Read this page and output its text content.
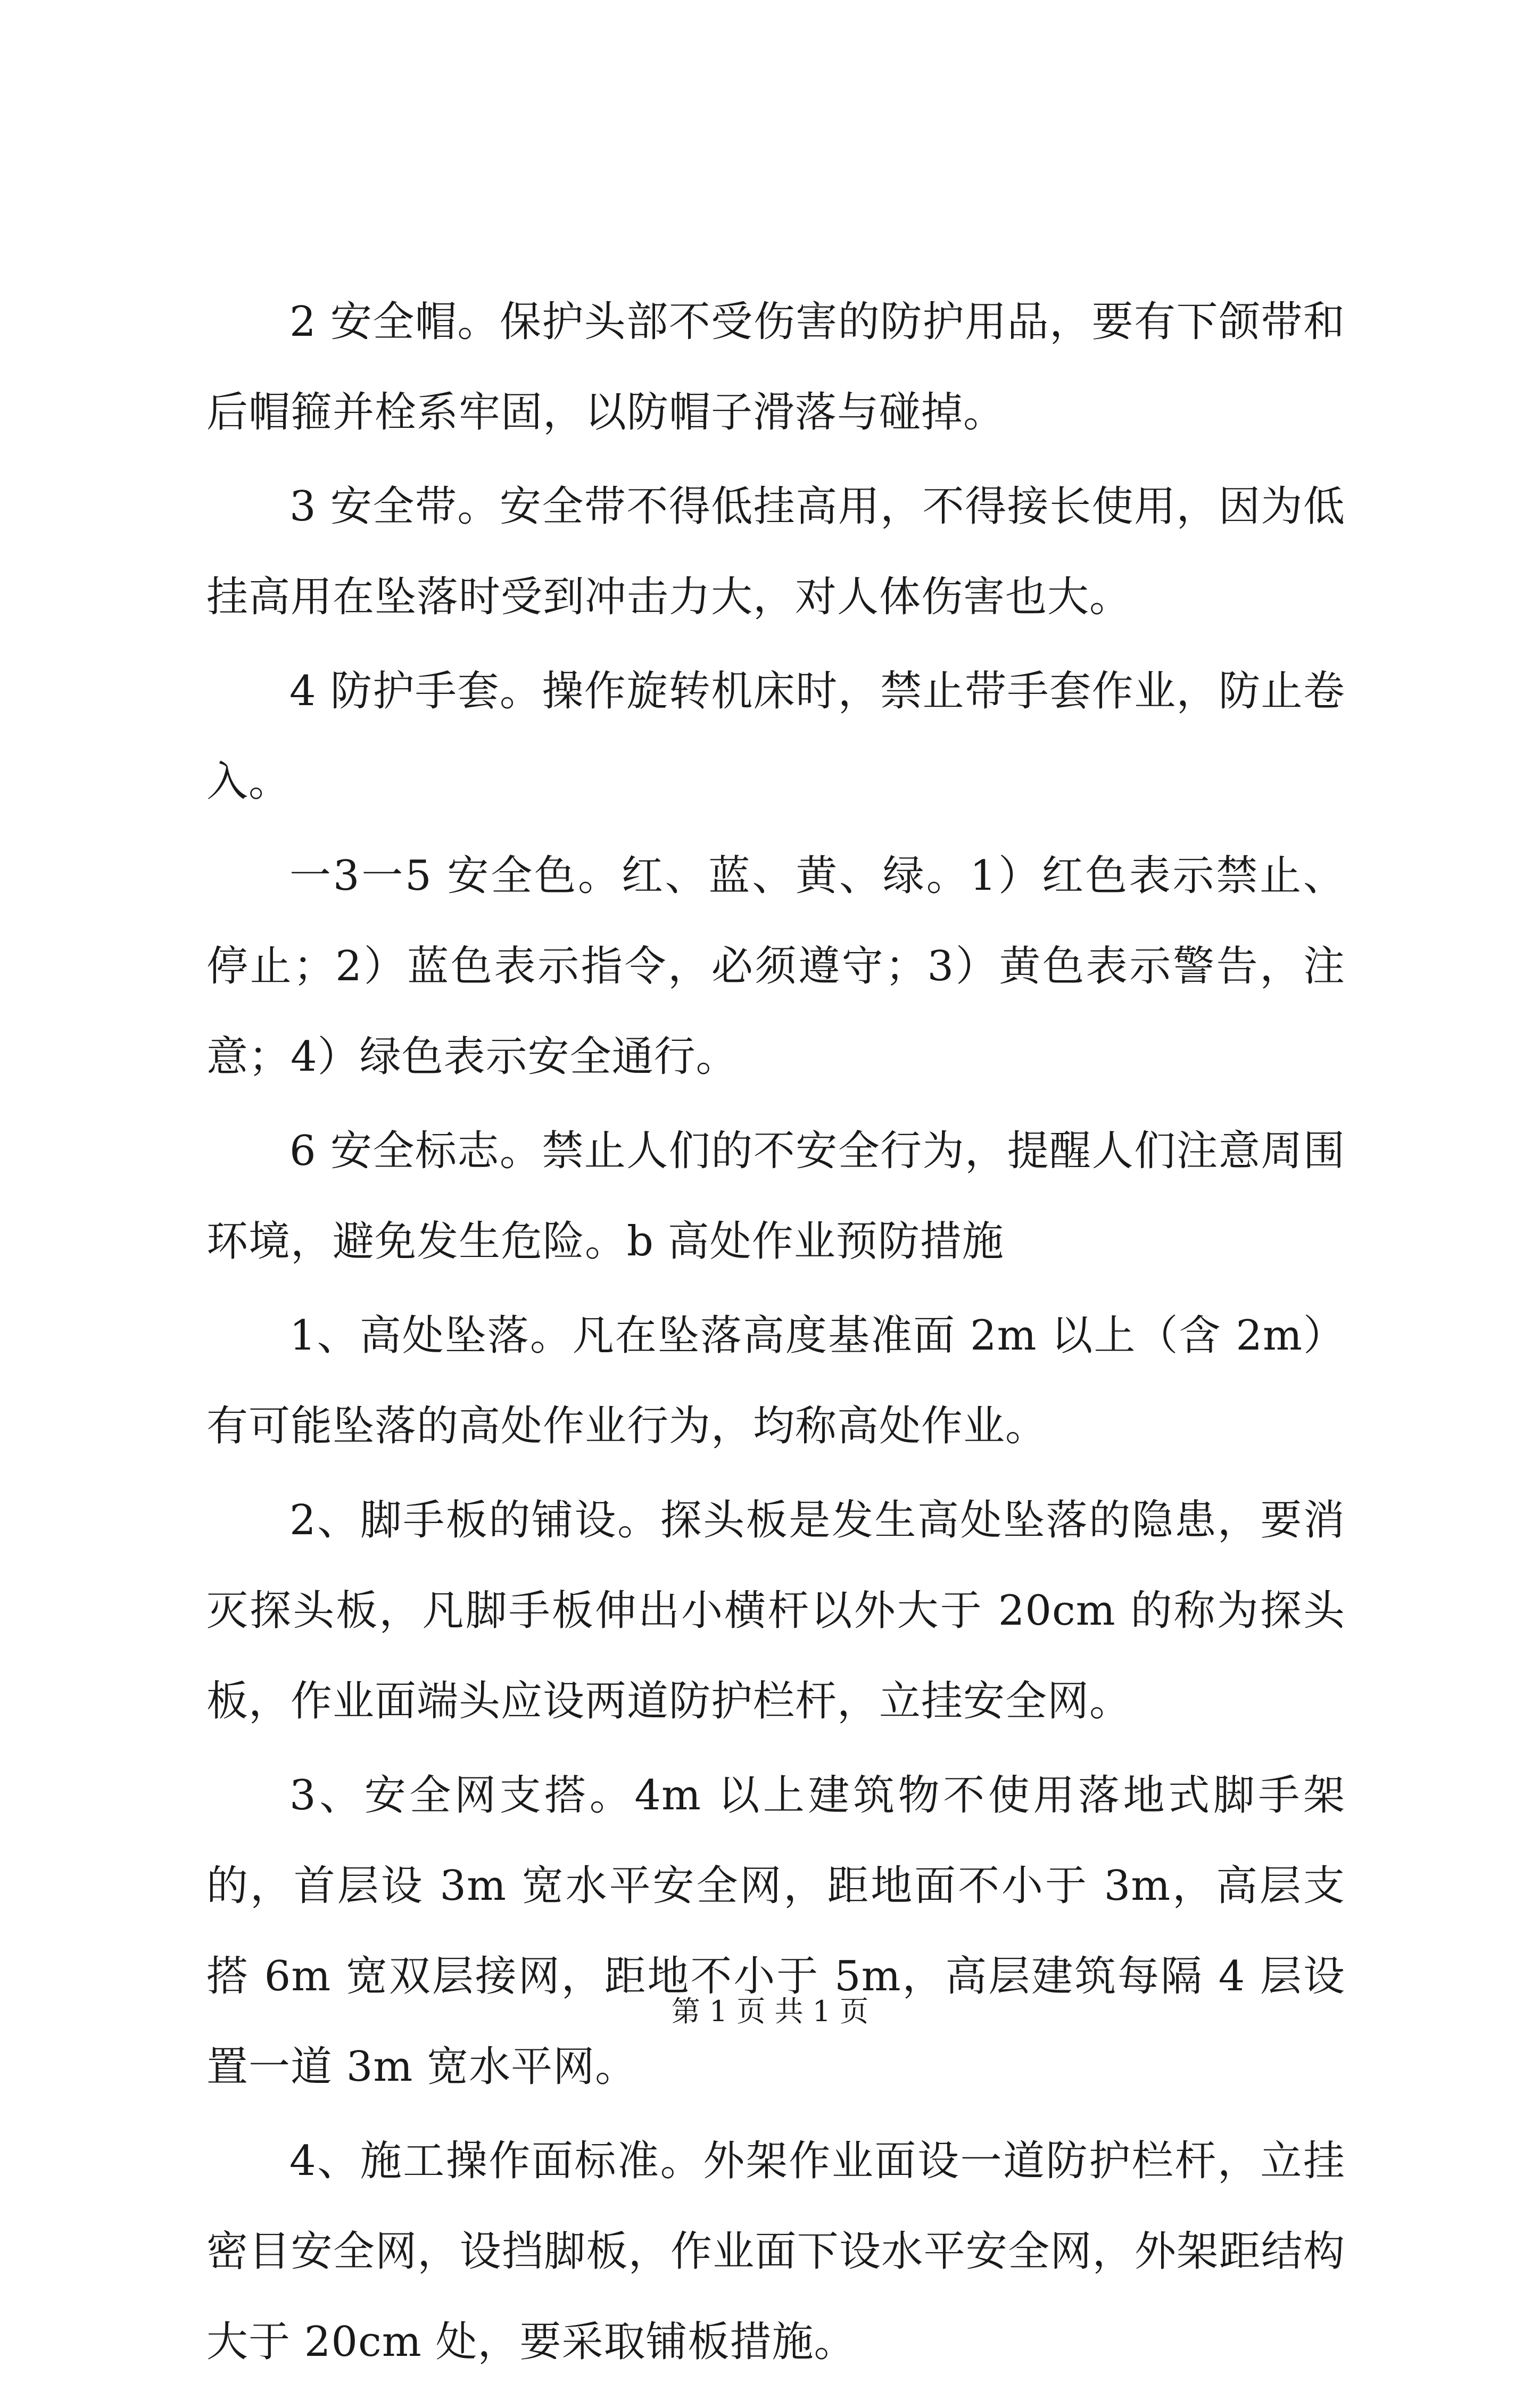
2 安全帽。保护头部不受伤害的防护用品，要有下颌带和后帽箍并栓系牢固，以防帽子滑落与碰掉。

3 安全带。安全带不得低挂高用，不得接长使用，因为低挂高用在坠落时受到冲击力大，对人体伤害也大。

4 防护手套。操作旋转机床时，禁止带手套作业，防止卷入。

一3一5 安全色。红、蓝、黄、绿。1）红色表示禁止、停止；2）蓝色表示指令，必须遵守；3）黄色表示警告，注意；4）绿色表示安全通行。

6 安全标志。禁止人们的不安全行为，提醒人们注意周围环境，避免发生危险。b 高处作业预防措施

1、高处坠落。凡在坠落高度基准面 2m 以上（含 2m）有可能坠落的高处作业行为，均称高处作业。

2、脚手板的铺设。探头板是发生高处坠落的隐患，要消灭探头板，凡脚手板伸出小横杆以外大于 20cm 的称为探头板，作业面端头应设两道防护栏杆，立挂安全网。

3、安全网支搭。4m 以上建筑物不使用落地式脚手架的，首层设 3m 宽水平安全网，距地面不小于 3m，高层支搭 6m 宽双层接网，距地不小于 5m，高层建筑每隔 4 层设置一道 3m 宽水平网。

4、施工操作面标准。外架作业面设一道防护栏杆，立挂密目安全网，设挡脚板，作业面下设水平安全网，外架距结构大于 20cm 处，要采取铺板措施。

第 1 页 共 1 页
